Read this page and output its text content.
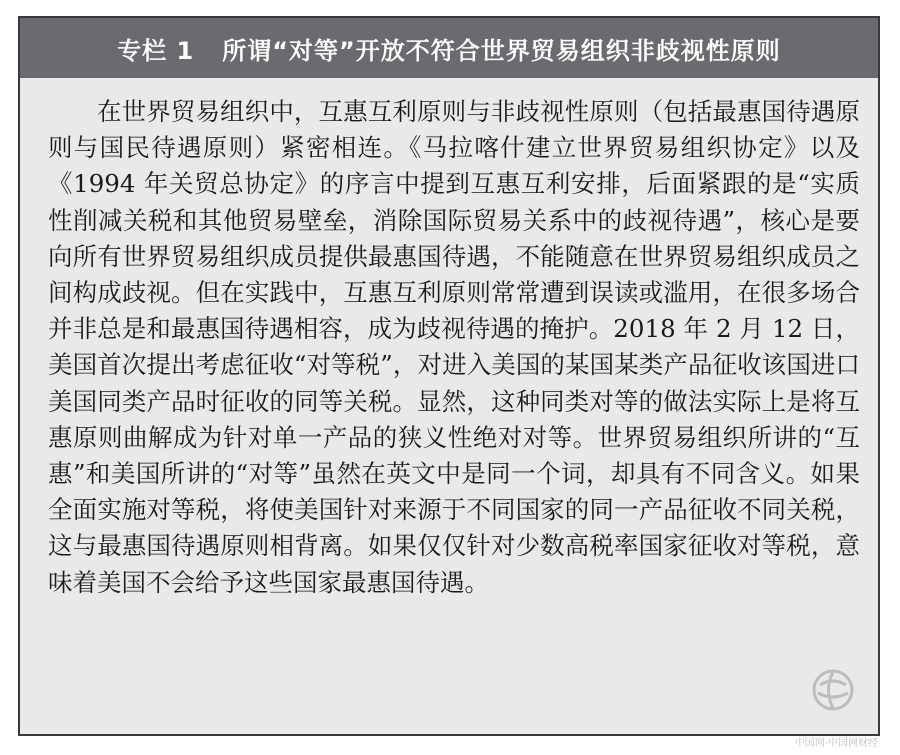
专栏 1 所谓“对等”开放不符合世界贸易组织非歧视性原则

在世界贸易组织中，互惠互利原则与非歧视性原则（包括最惠国待遇原则与国民待遇原则）紧密相连。《马拉喀什建立世界贸易组织协定》以及《1994 年关贸总协定》的序言中提到互惠互利安排，后面紧跟的是“实质性削减关税和其他贸易壁垒，消除国际贸易关系中的歧视待遇”，核心是要向所有世界贸易组织成员提供最惠国待遇，不能随意在世界贸易组织成员之间构成歧视。但在实践中，互惠互利原则常常遭到误读或滥用，在很多场合并非总是和最惠国待遇相容，成为歧视待遇的掩护。2018 年 2 月 12 日，美国首次提出考虑征收“对等税”，对进入美国的某国某类产品征收该国进口美国同类产品时征收的同等关税。显然，这种同类对等的做法实际上是将互惠原则曲解成为针对单一产品的狭义性绝对对等。世界贸易组织所讲的“互惠”和美国所讲的“对等”虽然在英文中是同一个词，却具有不同含义。如果全面实施对等税，将使美国针对来源于不同国家的同一产品征收不同关税，这与最惠国待遇原则相背离。如果仅仅针对少数高税率国家征收对等税，意味着美国不会给予这些国家最惠国待遇。

中国网·中国网财经
